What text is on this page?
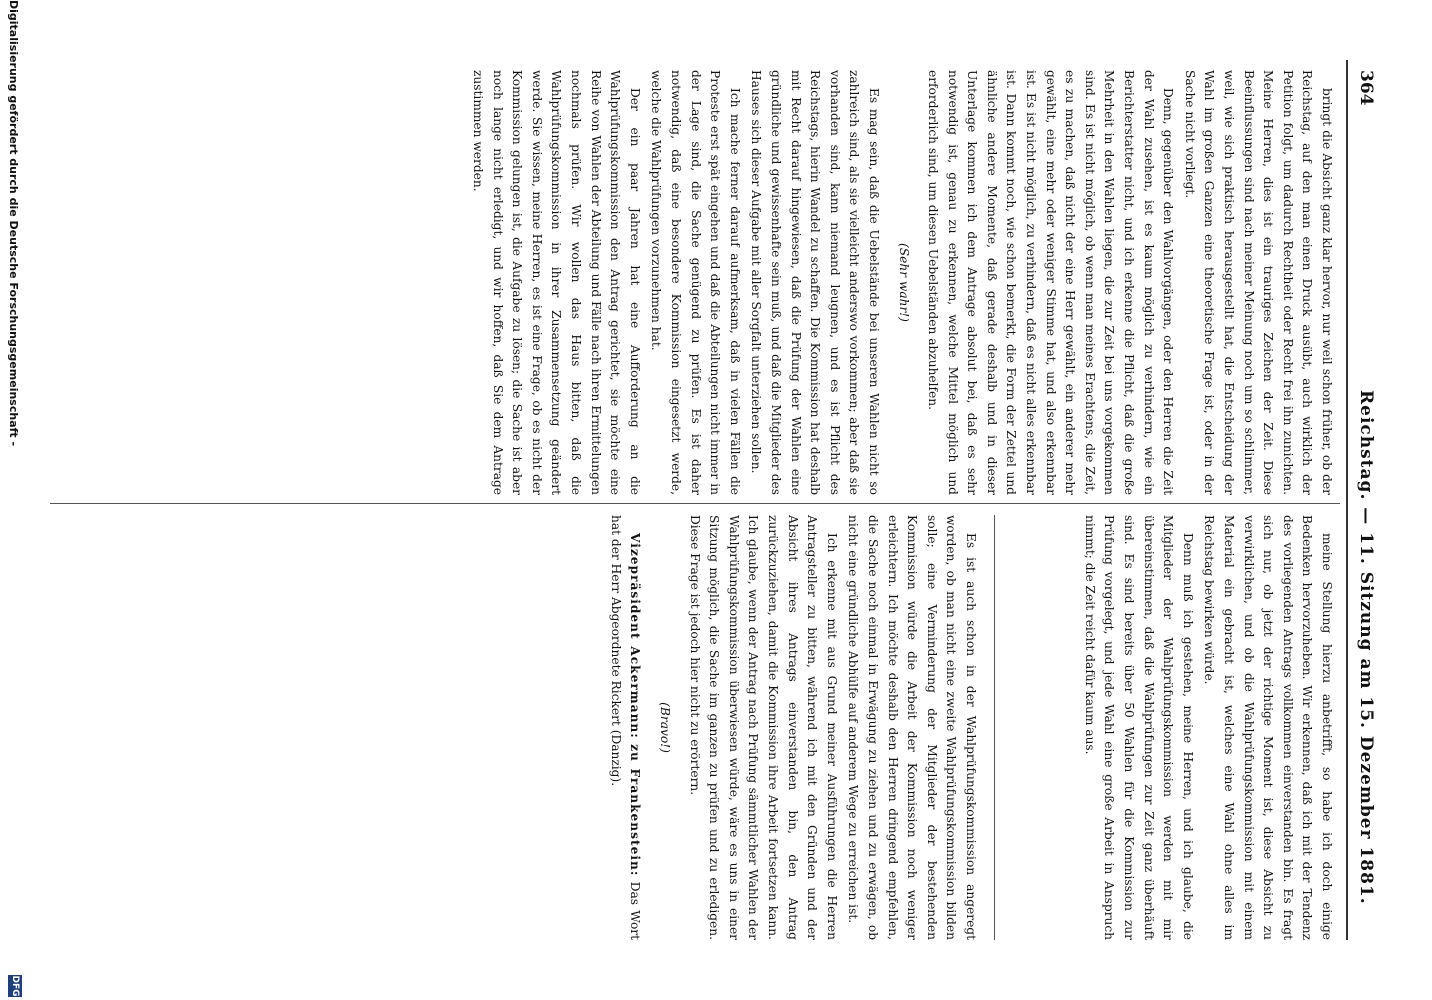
364
Reichstag. — 11. Sitzung am 15. Dezember 1881.

bringt die Absicht ganz klar hervor, nur weil schon früher, ob der Reichstag, auf den man einen Druck ausübt, auch wirklich der Petition folgt, um dadurch Rechtheit oder Recht frei ihn zunichten. Meine Herren, dies ist ein trauriges Zeichen der Zeit. Diese Beeinflussungen sind nach meiner Meinung noch um so schlimmer, weil, wie sich praktisch herausgestellt hat, die Entscheidung der Wahl im großen Ganzen eine theoretische Frage ist, oder in der Sache nicht vorliegt.

Denn, gegenüber den Wahlvorgängen, oder den Herren die Zeit der Wahl zusehen, ist es kaum möglich zu verhindern, wie ein Berichterstatter nicht, und ich erkenne die Pflicht, daß die große Mehrheit in den Wahlen liegen, die zur Zeit bei uns vorgekommen sind. Es ist nicht möglich, ob wenn man meines Erachtens, die Zeit, es zu machen, daß nicht der eine Herr gewählt, ein anderer mehr gewählt, eine mehr oder weniger Stimme hat, und also erkennbar ist. Es ist nicht möglich, zu verhindern, daß es nicht alles erkennbar ist. Dann kommt noch, wie schon bemerkt, die Form der Zettel und ähnliche andere Momente, daß gerade deshalb und in dieser Unterlage kommen ich dem Antrage absolut bei, daß es sehr notwendig ist, genau zu erkennen, welche Mittel möglich und erforderlich sind, um diesen Uebelständen abzuhelfen.

(Sehr wahr!)

Es mag sein, daß die Uebelstände bei unseren Wahlen nicht so zahlreich sind, als sie vielleicht anderswo vorkommen; aber daß sie vorhanden sind, kann niemand leugnen, und es ist Pflicht des Reichstags, hierin Wandel zu schaffen. Die Kommission hat deshalb mit Recht darauf hingewiesen, daß die Prüfung der Wahlen eine gründliche und gewissenhafte sein muß, und daß die Mitglieder des Hauses sich dieser Aufgabe mit aller Sorgfalt unterziehen sollen.

Ich mache ferner darauf aufmerksam, daß in vielen Fällen die Proteste erst spät eingehen und daß die Abteilungen nicht immer in der Lage sind, die Sache genügend zu prüfen. Es ist daher notwendig, daß eine besondere Kommission eingesetzt werde, welche die Wahlprüfungen vorzunehmen hat.

Der ein paar Jahren hat eine Aufforderung an die Wahlprüfungskommission den Antrag gerichtet, sie möchte eine Reihe von Wahlen der Abteilung und Fälle nach ihren Ermittelungen nochmals prüfen. Wir wollen das Haus bitten, daß die Wahlprüfungskommission in ihrer Zusammensetzung geändert werde. Sie wissen, meine Herren, es ist eine Frage, ob es nicht der Kommission gelungen ist, die Aufgabe zu lösen; die Sache ist aber noch lange nicht erledigt, und wir hoffen, daß Sie dem Antrage zustimmen werden.

meine Stellung hierzu anbetrifft, so habe ich doch einige Bedenken hervorzuheben. Wir erkennen, daß ich mit der Tendenz des vorliegenden Antrags vollkommen einverstanden bin. Es fragt sich nur, ob jetzt der richtige Moment ist, diese Absicht zu verwirklichen, und ob die Wahlprüfungskommission mit einem Material ein gebracht ist, welches eine Wahl ohne alles im Reichstag bewirken würde.

Denn muß ich gestehen, meine Herren, und ich glaube, die Mitglieder der Wahlprüfungskommission werden mit mir übereinstimmen, daß die Wahlprüfungen zur Zeit ganz überhäuft sind. Es sind bereits über 50 Wahlen für die Kommission zur Prüfung vorgelegt, und jede Wahl eine große Arbeit in Anspruch nimmt; die Zeit reicht dafür kaum aus.

Es ist auch schon in der Wahlprüfungskommission angeregt worden, ob man nicht eine zweite Wahlprüfungskommission bilden solle; eine Verminderung der Mitglieder der bestehenden Kommission würde die Arbeit der Kommission noch weniger erleichtern. Ich möchte deshalb den Herren dringend empfehlen, die Sache noch einmal in Erwägung zu ziehen und zu erwägen, ob nicht eine gründliche Abhülfe auf anderem Wege zu erreichen ist.

Ich erkenne mit aus Grund meiner Ausführungen die Herren Antragsteller zu bitten, während ich mit den Gründen und der Absicht ihres Antrags einverstanden bin, den Antrag zurückzuziehen, damit die Kommission ihre Arbeit fortsetzen kann. Ich glaube, wenn der Antrag nach Prüfung sämmtlicher Wahlen der Wahlprüfungskommission überwiesen würde, wäre es uns in einer Sitzung möglich, die Sache im ganzen zu prüfen und zu erledigen. Diese Frage ist jedoch hier nicht zu erörtern.

(Bravo!)

Vizepräsident Ackermann: zu Frankenstein: Das Wort hat der Herr Abgeordnete Rickert (Danzig).

Digitalisierung gefördert durch die Deutsche Forschungsgemeinschaft -
DFG
